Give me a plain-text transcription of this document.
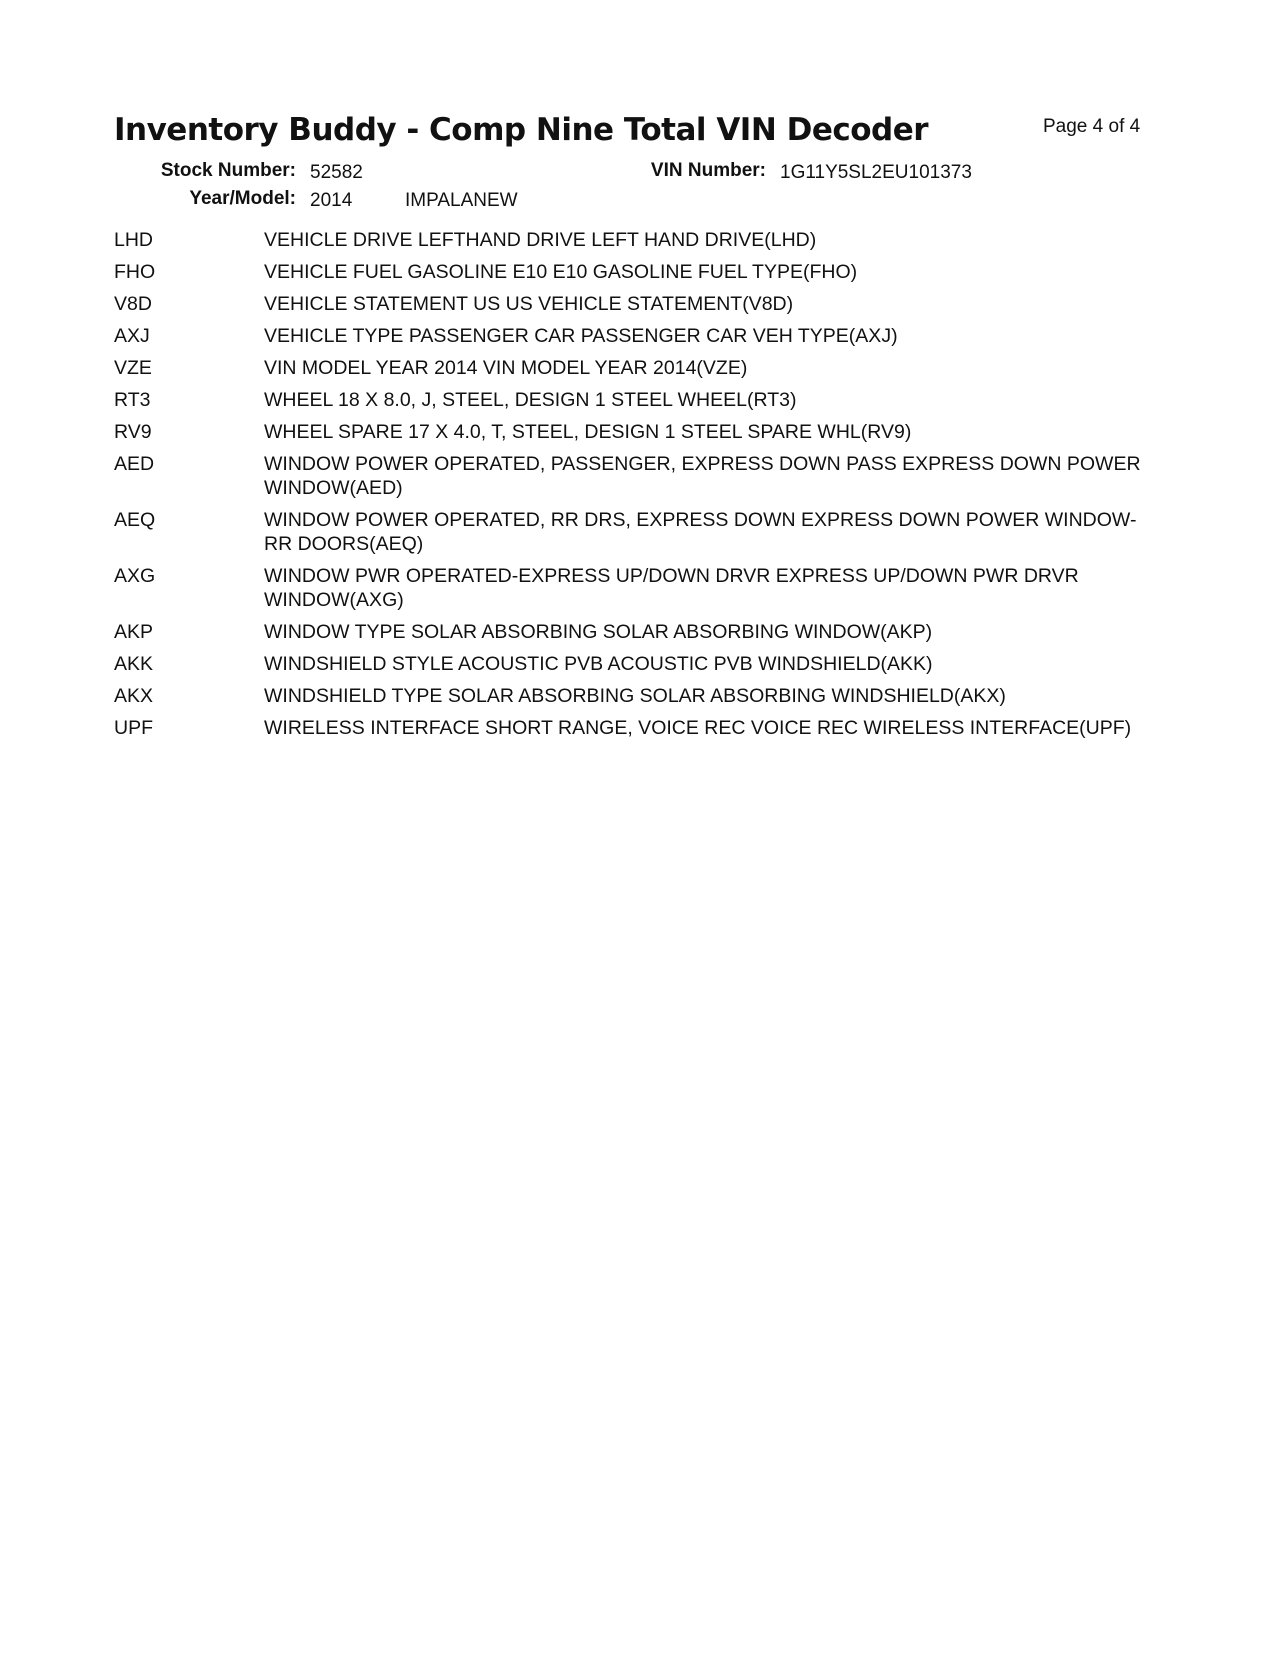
Inventory Buddy - Comp Nine Total VIN Decoder	Page 4 of 4
Stock Number: 52582	VIN Number: 1G11Y5SL2EU101373
Year/Model: 2014	IMPALANEW
LHD	VEHICLE DRIVE LEFTHAND DRIVE LEFT HAND DRIVE(LHD)
FHO	VEHICLE FUEL GASOLINE E10 E10 GASOLINE FUEL TYPE(FHO)
V8D	VEHICLE STATEMENT US US VEHICLE STATEMENT(V8D)
AXJ	VEHICLE TYPE PASSENGER CAR PASSENGER CAR VEH TYPE(AXJ)
VZE	VIN MODEL YEAR 2014 VIN MODEL YEAR 2014(VZE)
RT3	WHEEL 18 X 8.0, J, STEEL, DESIGN 1 STEEL WHEEL(RT3)
RV9	WHEEL SPARE 17 X 4.0, T, STEEL, DESIGN 1 STEEL SPARE WHL(RV9)
AED	WINDOW POWER OPERATED, PASSENGER, EXPRESS DOWN PASS EXPRESS DOWN POWER WINDOW(AED)
AEQ	WINDOW POWER OPERATED, RR DRS, EXPRESS DOWN EXPRESS DOWN POWER WINDOW-RR DOORS(AEQ)
AXG	WINDOW PWR OPERATED-EXPRESS UP/DOWN DRVR EXPRESS UP/DOWN PWR DRVR WINDOW(AXG)
AKP	WINDOW TYPE SOLAR ABSORBING SOLAR ABSORBING WINDOW(AKP)
AKK	WINDSHIELD STYLE ACOUSTIC PVB ACOUSTIC PVB WINDSHIELD(AKK)
AKX	WINDSHIELD TYPE SOLAR ABSORBING SOLAR ABSORBING WINDSHIELD(AKX)
UPF	WIRELESS INTERFACE SHORT RANGE, VOICE REC VOICE REC WIRELESS INTERFACE(UPF)
